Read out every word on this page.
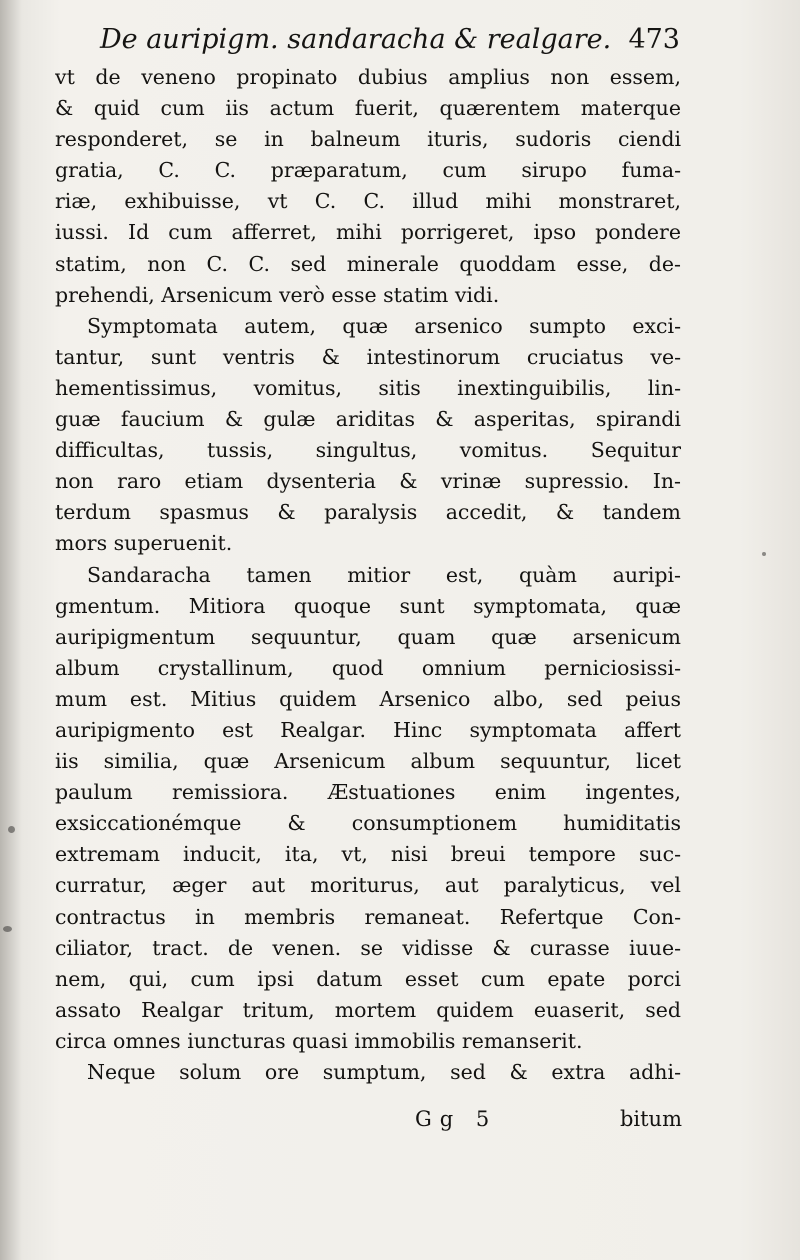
De auripigm. sandaracha & realgare. 473
vt de veneno propinato dubius amplius non essem,
& quid cum iis actum fuerit, quærentem materque
responderet, se in balneum ituris, sudoris ciendi
gratia, C. C. præparatum, cum sirupo fuma-
riæ, exhibuisse, vt C. C. illud mihi monstraret,
iussi. Id cum afferret, mihi porrigeret, ipso pondere
statim, non C. C. sed minerale quoddam esse, de-
prehendi, Arsenicum verò esse statim vidi.
Symptomata autem, quæ arsenico sumpto exci-
tantur, sunt ventris & intestinorum cruciatus ve-
hementissimus, vomitus, sitis inextinguibilis, lin-
guæ faucium & gulæ ariditas & asperitas, spirandi
difficultas, tussis, singultus, vomitus. Sequitur
non raro etiam dysenteria & vrinæ supressio. In-
terdum spasmus & paralysis accedit, & tandem
mors superuenit.
Sandaracha tamen mitior est, quàm auripi-
gmentum. Mitiora quoque sunt symptomata, quæ
auripigmentum sequuntur, quam quæ arsenicum
album crystallinum, quod omnium perniciosissi-
mum est. Mitius quidem Arsenico albo, sed peius
auripigmento est Realgar. Hinc symptomata affert
iis similia, quæ Arsenicum album sequuntur, licet
paulum remissiora. Æstuationes enim ingentes,
exsiccationémque & consumptionem humiditatis
extremam inducit, ita, vt, nisi breui tempore suc-
curratur, æger aut moriturus, aut paralyticus, vel
contractus in membris remaneat. Refertque Con-
ciliator, tract. de venen. se vidisse & curasse iuue-
nem, qui, cum ipsi datum esset cum epate porci
assato Realgar tritum, mortem quidem euaserit, sed
circa omnes iuncturas quasi immobilis remanserit.
Neque solum ore sumptum, sed & extra adhi-
Gg 5	bitum
